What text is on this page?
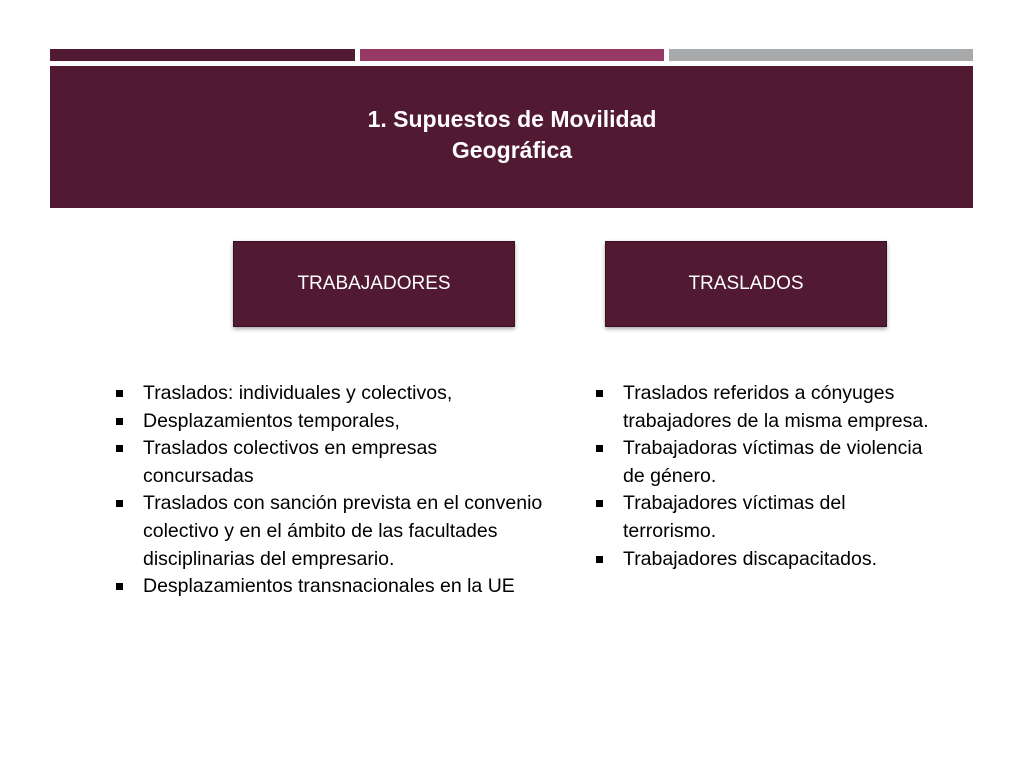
1. Supuestos de Movilidad
Geográfica
TRABAJADORES	TRASLADOS
Traslados: individuales y colectivos,
Desplazamientos temporales,
Traslados colectivos en empresas concursadas
Traslados con sanción prevista en el convenio colectivo y en el ámbito de las facultades disciplinarias del empresario.
Desplazamientos transnacionales en la UE
Traslados referidos a cónyuges trabajadores de la misma empresa.
Trabajadoras víctimas de violencia de género.
Trabajadores víctimas del terrorismo.
Trabajadores discapacitados.
